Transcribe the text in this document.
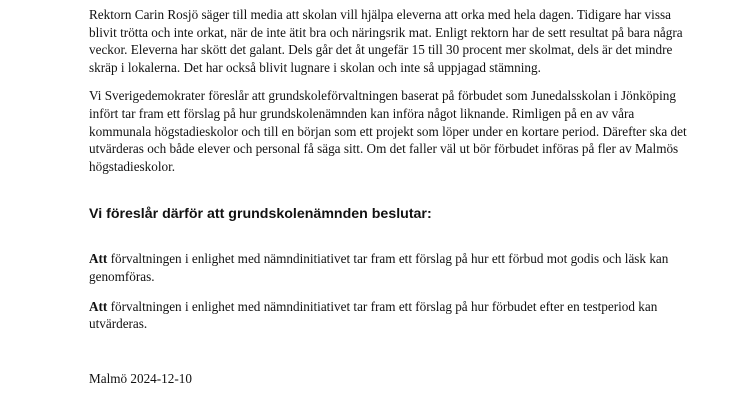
Rektorn Carin Rosjö säger till media att skolan vill hjälpa eleverna att orka med hela dagen. Tidigare har vissa blivit trötta och inte orkat, när de inte ätit bra och näringsrik mat. Enligt rektorn har de sett resultat på bara några veckor. Eleverna har skött det galant. Dels går det åt ungefär 15 till 30 procent mer skolmat, dels är det mindre skräp i lokalerna. Det har också blivit lugnare i skolan och inte så uppjagad stämning.

Vi Sverigedemokrater föreslår att grundskoleförvaltningen baserat på förbudet som Junedalsskolan i Jönköping infört tar fram ett förslag på hur grundskolenämnden kan införa något liknande. Rimligen på en av våra kommunala högstadieskolor och till en början som ett projekt som löper under en kortare period. Därefter ska det utvärderas och både elever och personal få säga sitt. Om det faller väl ut bör förbudet införas på fler av Malmös högstadieskolor.

Vi föreslår därför att grundskolenämnden beslutar:

Att förvaltningen i enlighet med nämndinitiativet tar fram ett förslag på hur ett förbud mot godis och läsk kan genomföras.

Att förvaltningen i enlighet med nämndinitiativet tar fram ett förslag på hur förbudet efter en testperiod kan utvärderas.

Malmö 2024-12-10
